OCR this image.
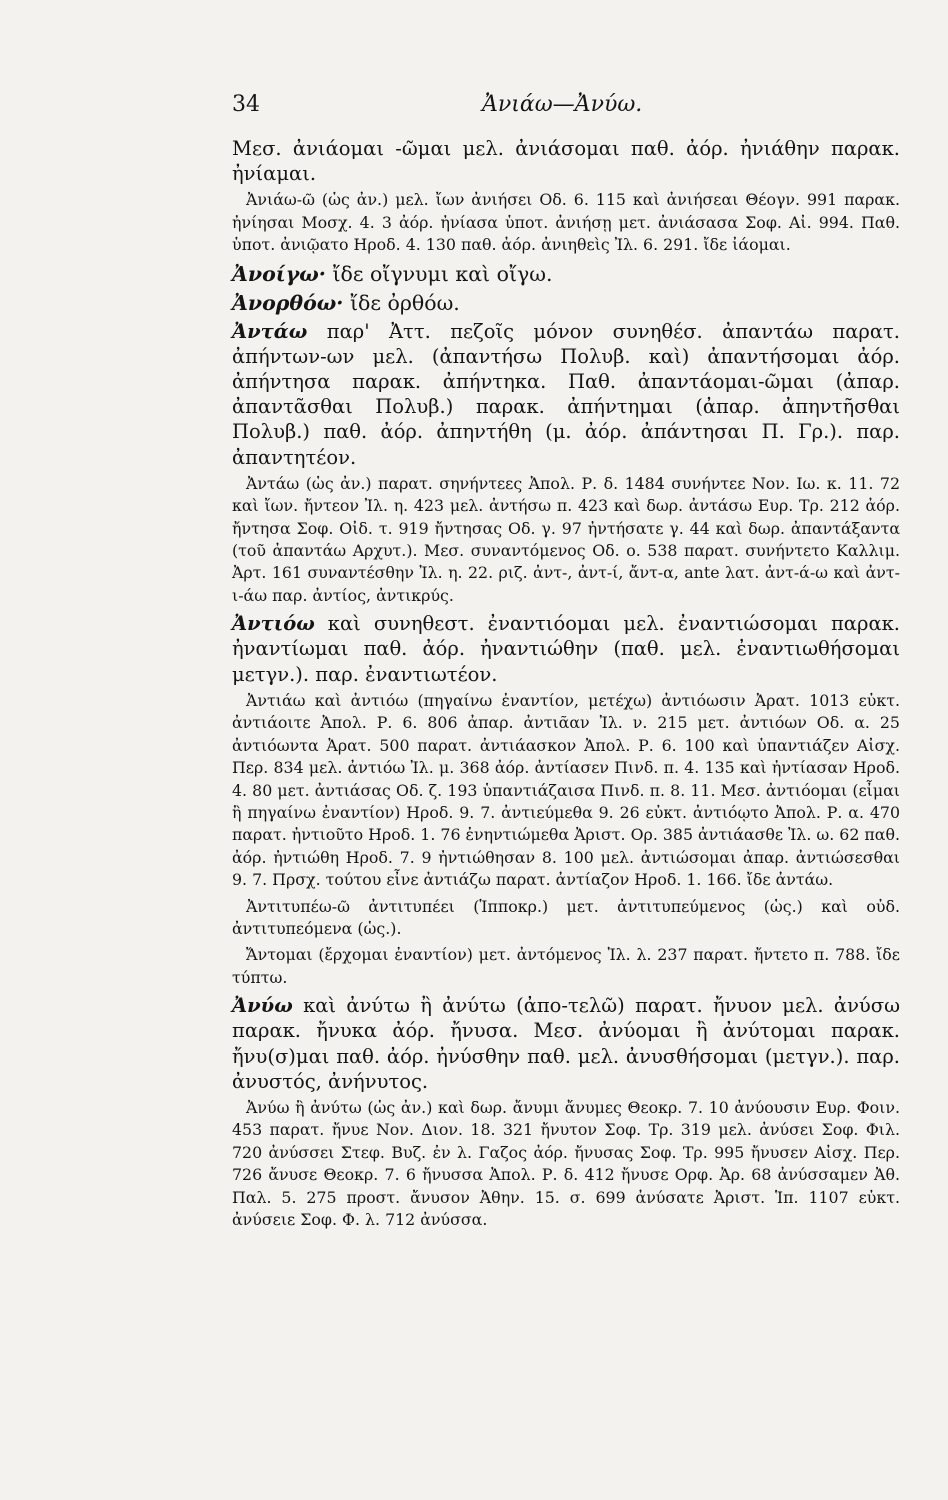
34	Ἀνιάω—Ἀνύω.

Μεσ. ἀνιάομαι -ῶμαι μελ. ἀνιάσομαι παθ. ἀόρ. ἠνιάθην παρακ. ἠνίαμαι.

Ἀνιάω-ῶ (ὡς ἀν.) μελ. ἴων ἀνιήσει Οδ. 6. 115 καὶ ἀνιήσεαι Θέογν. 991 παρακ. ἠνίησαι Μοσχ. 4. 3 ἀόρ. ἠνίασα ὑποτ. ἀνιήσῃ μετ. ἀνιάσασα Σοφ. Αἰ. 994. Παθ. ὑποτ. ἀνιῷατο Ηροδ. 4. 130 παθ. ἀόρ. ἀνιηθεὶς Ἰλ. 6. 291. ἴδε ἰάομαι.

Ἀνοίγω· ἴδε οἴγνυμι καὶ οἴγω.

Ἀνορθόω· ἴδε ὀρθόω.

Ἀντάω παρ' Ἀττ. πεζοῖς μόνον συνηθέσ. ἀπαντάω παρατ. ἀπήντων-ων μελ. (ἀπαντήσω Πολυβ. καὶ) ἀπαντήσομαι ἀόρ. ἀπήντησα παρακ. ἀπήντηκα. Παθ. ἀπαντάομαι-ῶμαι (ἀπαρ. ἀπαντᾶσθαι Πολυβ.) παρακ. ἀπήντημαι (ἀπαρ. ἀπηντῆσθαι Πολυβ.) παθ. ἀόρ. ἀπηντήθη (μ. ἀόρ. ἀπάντησαι Π. Γρ.). παρ. ἀπαντητέον.

Ἀντάω (ὡς ἀν.) παρατ. σηνήντεες Ἀπολ. Ρ. δ. 1484 συνήντεε Νον. Ιω. κ. 11. 72 καὶ ἴων. ἤντεον Ἰλ. η. 423 μελ. ἀντήσω π. 423 καὶ δωρ. ἀντάσω Ευρ. Τρ. 212 ἀόρ. ἤντησα Σοφ. Οἰδ. τ. 919 ἤντησας Οδ. γ. 97 ἠντήσατε γ. 44 καὶ δωρ. ἀπαντάξαντα (τοῦ ἀπαντάω Αρχυτ.). Μεσ. συναντόμενος Οδ. ο. 538 παρατ. συνήντετο Καλλιμ. Ἀρτ. 161 συναντέσθην Ἰλ. η. 22. ριζ. ἀντ-, ἀντ-ί, ἄντ-α, ante λατ. ἀντ-ά-ω καὶ ἀντ-ι-άω παρ. ἀντίος, ἀντικρύς.

Ἀντιόω καὶ συνηθεστ. ἐναντιόομαι μελ. ἐναντιώσομαι παρακ. ἠναντίωμαι παθ. ἀόρ. ἠναντιώθην (παθ. μελ. ἐναντιωθήσομαι μετγν.). παρ. ἐναντιωτέον.

Ἀντιάω καὶ ἀντιόω (πηγαίνω ἐναντίον, μετέχω) ἀντιόωσιν Ἀρατ. 1013 εὐκτ. ἀντιάοιτε Ἀπολ. Ρ. 6. 806 ἀπαρ. ἀντιᾶαν Ἰλ. ν. 215 μετ. ἀντιόων Οδ. α. 25 ἀντιόωντα Ἀρατ. 500 παρατ. ἀντιάασκον Ἀπολ. Ρ. 6. 100 καὶ ὑπαντιάζεν Αἰσχ. Περ. 834 μελ. ἀντιόω Ἰλ. μ. 368 ἀόρ. ἀντίασεν Πινδ. π. 4. 135 καὶ ἠντίασαν Ηροδ. 4. 80 μετ. ἀντιάσας Οδ. ζ. 193 ὑπαντιάζαισα Πινδ. π. 8. 11. Μεσ. ἀντιόομαι (εἶμαι ἢ πηγαίνω ἐναντίον) Ηροδ. 9. 7. ἀντιεύμεθα 9. 26 εὐκτ. ἀντιόῳτο Ἀπολ. Ρ. α. 470 παρατ. ἠντιοῦτο Ηροδ. 1. 76 ἐνηντιώμεθα Ἀριστ. Ορ. 385 ἀντιάασθε Ἰλ. ω. 62 παθ. ἀόρ. ἠντιώθη Ηροδ. 7. 9 ἠντιώθησαν 8. 100 μελ. ἀντιώσομαι ἀπαρ. ἀντιώσεσθαι 9. 7. Πρσχ. τούτου εἶνε ἀντιάζω παρατ. ἀντίαζον Ηροδ. 1. 166. ἴδε ἀντάω.

Ἀντιτυπέω-ῶ ἀντιτυπέει (Ἱπποκρ.) μετ. ἀντιτυπεύμενος (ὡς.) καὶ οὐδ. ἀντιτυπεόμενα (ὡς.).

Ἄντομαι (ἔρχομαι ἐναντίον) μετ. ἀντόμενος Ἰλ. λ. 237 παρατ. ἤντετο π. 788. ἴδε τύπτω.

Ἀνύω καὶ ἀνύτω ἢ ἀνύτω (ἀπο-τελῶ) παρατ. ἤνυον μελ. ἀνύσω παρακ. ἤνυκα ἀόρ. ἤνυσα. Μεσ. ἀνύομαι ἢ ἀνύτομαι παρακ. ἤνυ(σ)μαι παθ. ἀόρ. ἠνύσθην παθ. μελ. ἀνυσθήσομαι (μετγν.). παρ. ἀνυστός, ἀνήνυτος.

Ἀνύω ἢ ἀνύτω (ὡς ἀν.) καὶ δωρ. ἄνυμι ἄνυμες Θεοκρ. 7. 10 ἀνύουσιν Ευρ. Φοιν. 453 παρατ. ἤνυε Νον. Διον. 18. 321 ἤνυτον Σοφ. Τρ. 319 μελ. ἀνύσει Σοφ. Φιλ. 720 ἀνύσσει Στεφ. Βυζ. ἐν λ. Γαζος ἀόρ. ἤνυσας Σοφ. Τρ. 995 ἤνυσεν Αἰσχ. Περ. 726 ἄνυσε Θεοκρ. 7. 6 ἤνυσσα Ἀπολ. Ρ. δ. 412 ἤνυσε Ορφ. Ἀρ. 68 ἀνύσσαμεν Ἀθ. Παλ. 5. 275 προστ. ἄνυσον Ἀθην. 15. σ. 699 ἀνύσατε Ἀριστ. Ἱπ. 1107 εὐκτ. ἀνύσειε Σοφ. Φ. λ. 712 ἀνύσσα.
